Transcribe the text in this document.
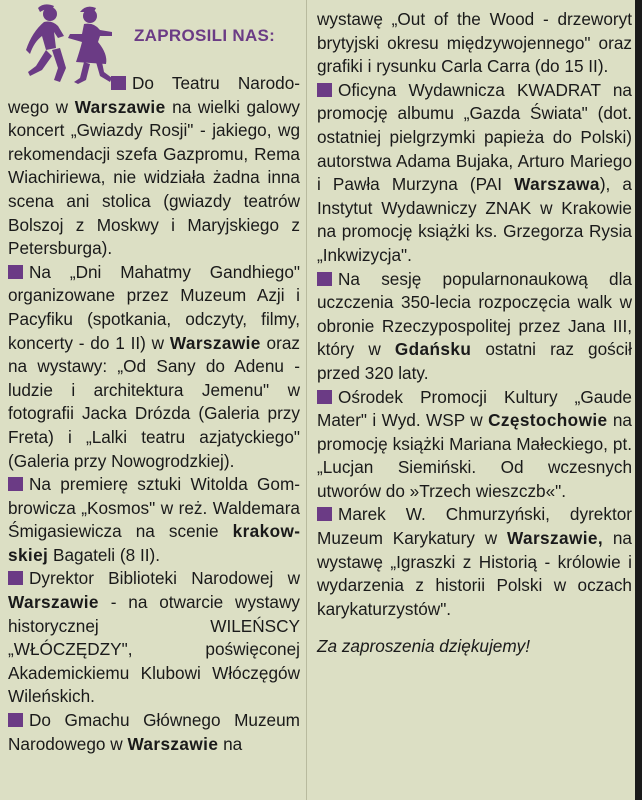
ZAPROSILI NAS:

Do Teatru Narodowego w Warszawie na wielki galowy koncert „Gwiazdy Rosji" - jakiego, wg rekomendacji szefa Gazpromu, Rema Wiachiriewa, nie widziała żadna inna scena ani stolica (gwiazdy teatrów Bolszoj z Moskwy i Maryjskiego z Petersburga).

Na „Dni Mahatmy Gandhiego" organizowane przez Muzeum Azji i Pacyfiku (spotkania, odczyty, filmy, koncerty - do 1 II) w Warszawie oraz na wystawy: „Od Sany do Adenu - ludzie i architektura Jemenu" w fotografii Jacka Drózda (Galeria przy Freta) i „Lalki teatru azjatyckiego" (Galeria przy Nowogrodzkiej).

Na premierę sztuki Witolda Gombrowicza „Kosmos" w reż. Waldemara Śmigasiewicza na scenie krakowskiej Bagateli (8 II).

Dyrektor Biblioteki Narodowej w Warszawie - na otwarcie wystawy historycznej WILEŃSCY „WŁÓCZĘDZY", poświęconej Akademickiemu Klubowi Włóczęgów Wileńskich.

Do Gmachu Głównego Muzeum Narodowego w Warszawie na

wystawę „Out of the Wood - drzeworyt brytyjski okresu międzywojennego" oraz grafiki i rysunku Carla Carra (do 15 II).

Oficyna Wydawnicza KWADRAT na promocję albumu „Gazda Świata" (dot. ostatniej pielgrzymki papieża do Polski) autorstwa Adama Bujaka, Arturo Mariego i Pawła Murzyna (PAI Warszawa), a Instytut Wydawniczy ZNAK w Krakowie na promocję książki ks. Grzegorza Rysia „Inkwizycja".

Na sesję popularnonaukową dla uczczenia 350-lecia rozpoczęcia walk w obronie Rzeczypospolitej przez Jana III, który w Gdańsku ostatni raz gościł przed 320 laty.

Ośrodek Promocji Kultury „Gaude Mater" i Wyd. WSP w Częstochowie na promocję książki Mariana Małeckiego, pt. „Lucjan Siemiński. Od wczesnych utworów do »Trzech wieszczb«".

Marek W. Chmurzyński, dyrektor Muzeum Karykatury w Warszawie, na wystawę „Igraszki z Historią - królowie i wydarzenia z historii Polski w oczach karykaturzystów".

Za zaproszenia dziękujemy!
